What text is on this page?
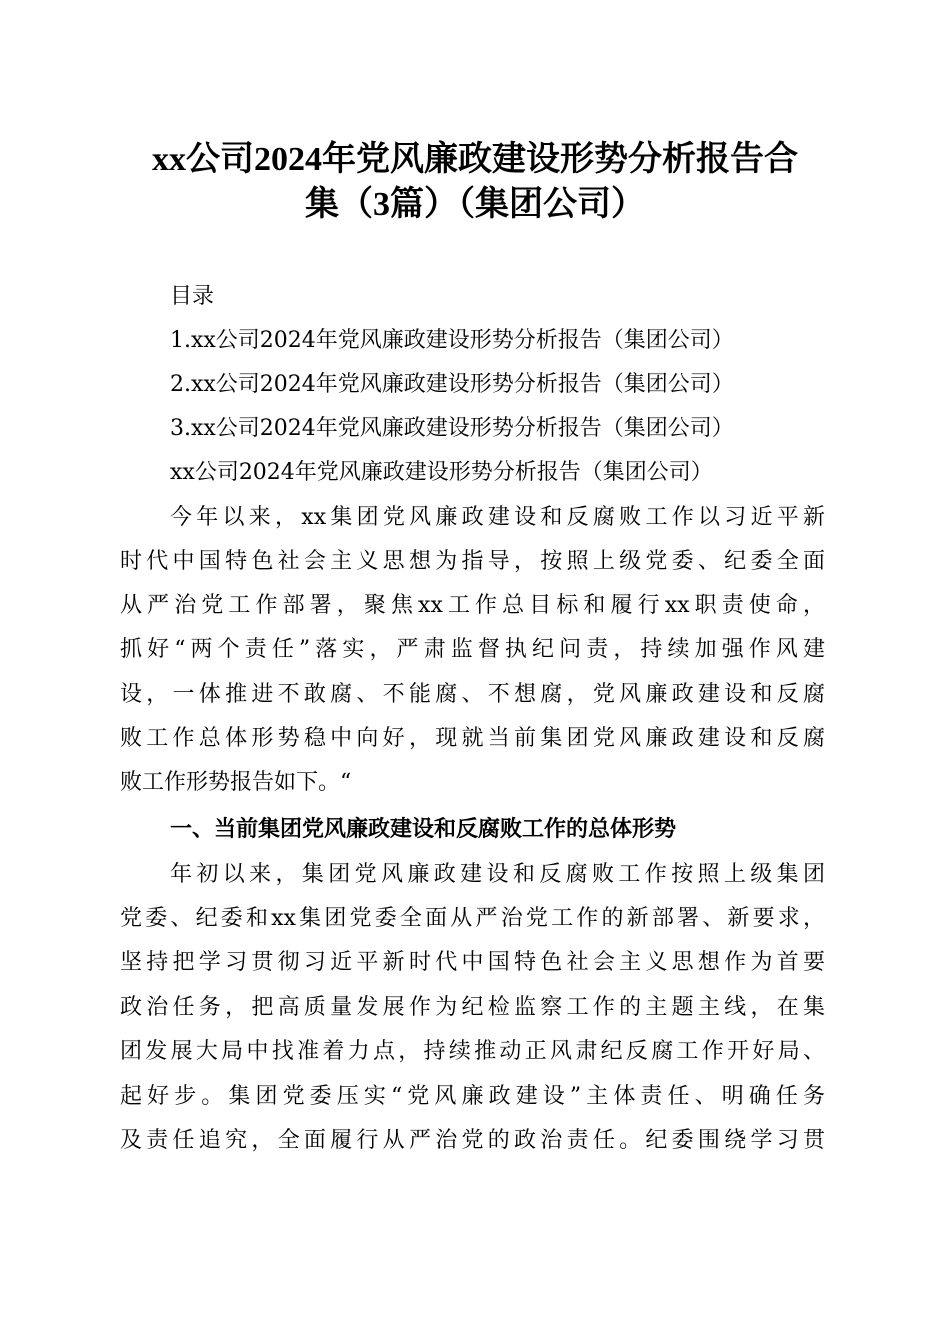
xx公司2024年党风廉政建设形势分析报告合
集（3篇）（集团公司）
目录
1.xx公司2024年党风廉政建设形势分析报告（集团公司）
2.xx公司2024年党风廉政建设形势分析报告（集团公司）
3.xx公司2024年党风廉政建设形势分析报告（集团公司）
xx公司2024年党风廉政建设形势分析报告（集团公司）
今年以来，xx集团党风廉政建设和反腐败工作以习近平新
时代中国特色社会主义思想为指导，按照上级党委、纪委全面
从严治党工作部署，聚焦xx工作总目标和履行xx职责使命，
抓好“两个责任”落实，严肃监督执纪问责，持续加强作风建
设，一体推进不敢腐、不能腐、不想腐，党风廉政建设和反腐
败工作总体形势稳中向好，现就当前集团党风廉政建设和反腐
败工作形势报告如下。“
一、当前集团党风廉政建设和反腐败工作的总体形势
年初以来，集团党风廉政建设和反腐败工作按照上级集团
党委、纪委和xx集团党委全面从严治党工作的新部署、新要求，
坚持把学习贯彻习近平新时代中国特色社会主义思想作为首要
政治任务，把高质量发展作为纪检监察工作的主题主线，在集
团发展大局中找准着力点，持续推动正风肃纪反腐工作开好局、
起好步。集团党委压实“党风廉政建设”主体责任、明确任务
及责任追究，全面履行从严治党的政治责任。纪委围绕学习贯
